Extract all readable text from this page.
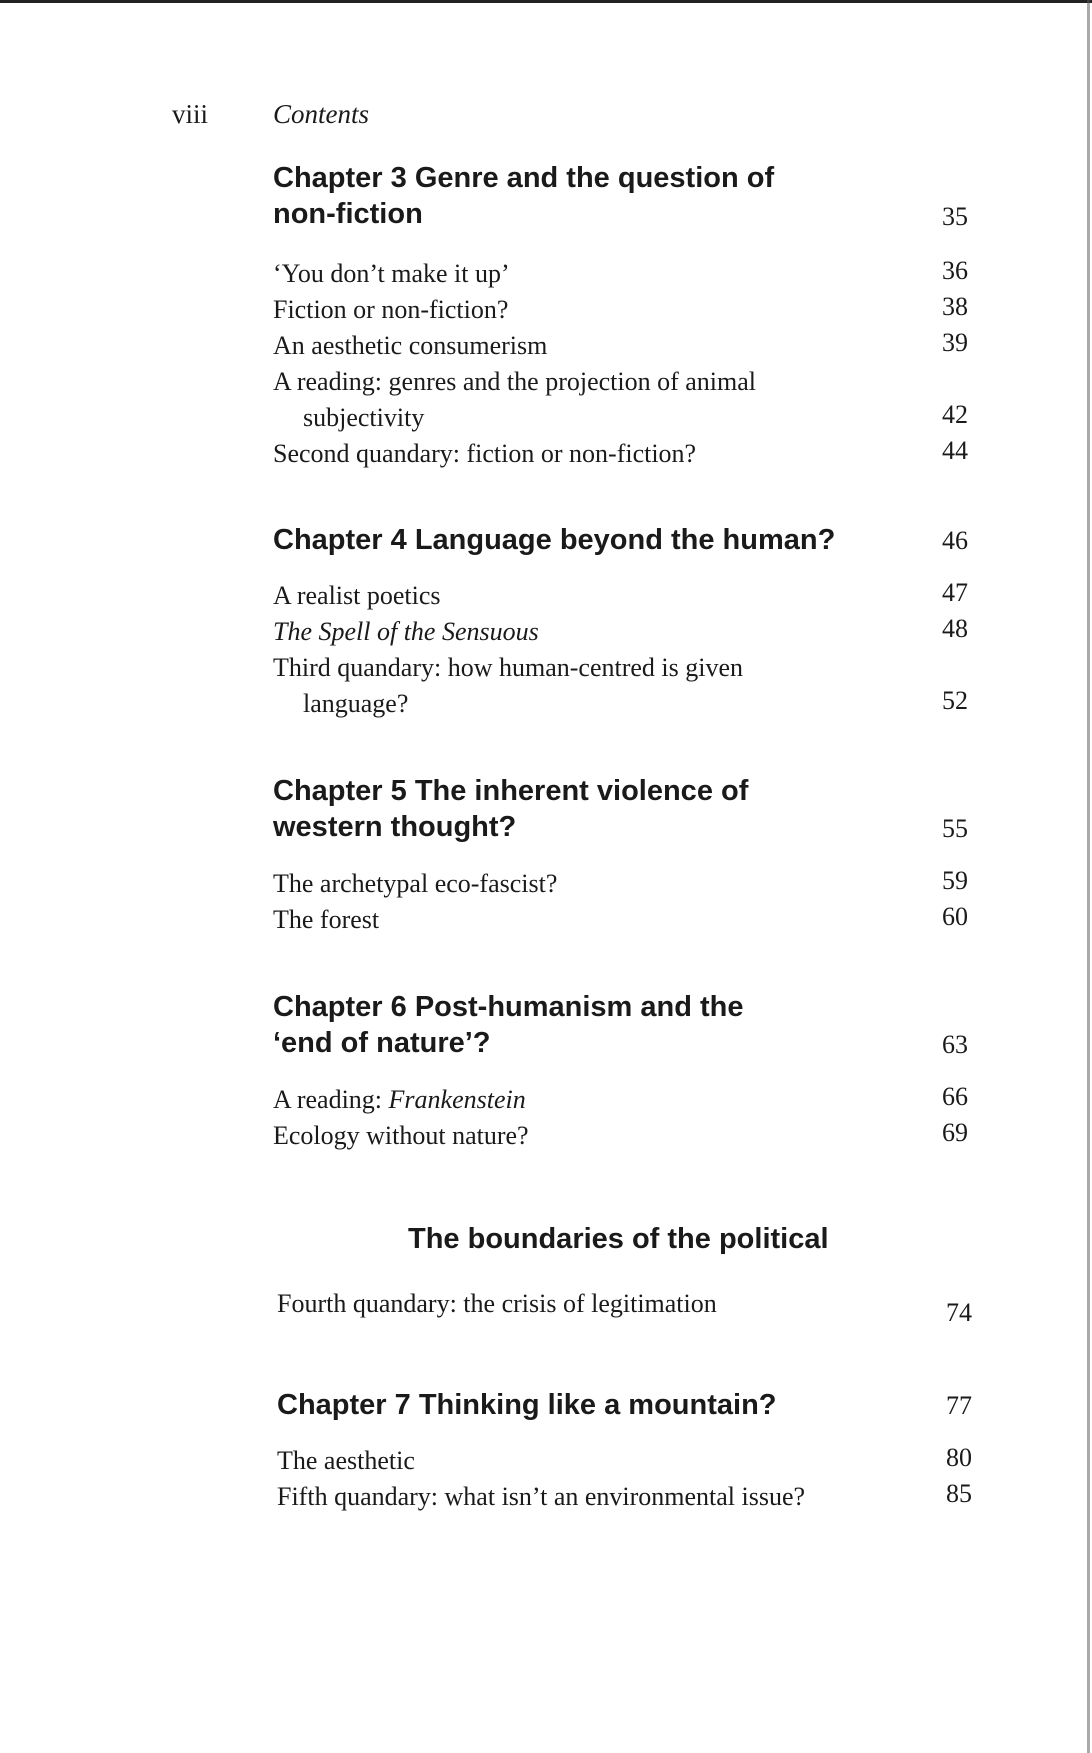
viii Contents
Chapter 3 Genre and the question of
non-fiction	35
‘You don’t make it up’	36
Fiction or non-fiction?	38
An aesthetic consumerism	39
A reading: genres and the projection of animal
subjectivity	42
Second quandary: fiction or non-fiction?	44
Chapter 4 Language beyond the human?	46
A realist poetics	47
The Spell of the Sensuous	48
Third quandary: how human-centred is given
language?	52
Chapter 5 The inherent violence of
western thought?	55
The archetypal eco-fascist?	59
The forest	60
Chapter 6 Post-humanism and the
‘end of nature’?	63
A reading: Frankenstein	66
Ecology without nature?	69
The boundaries of the political
Fourth quandary: the crisis of legitimation	74
Chapter 7 Thinking like a mountain?	77
The aesthetic	80
Fifth quandary: what isn’t an environmental issue?	85
